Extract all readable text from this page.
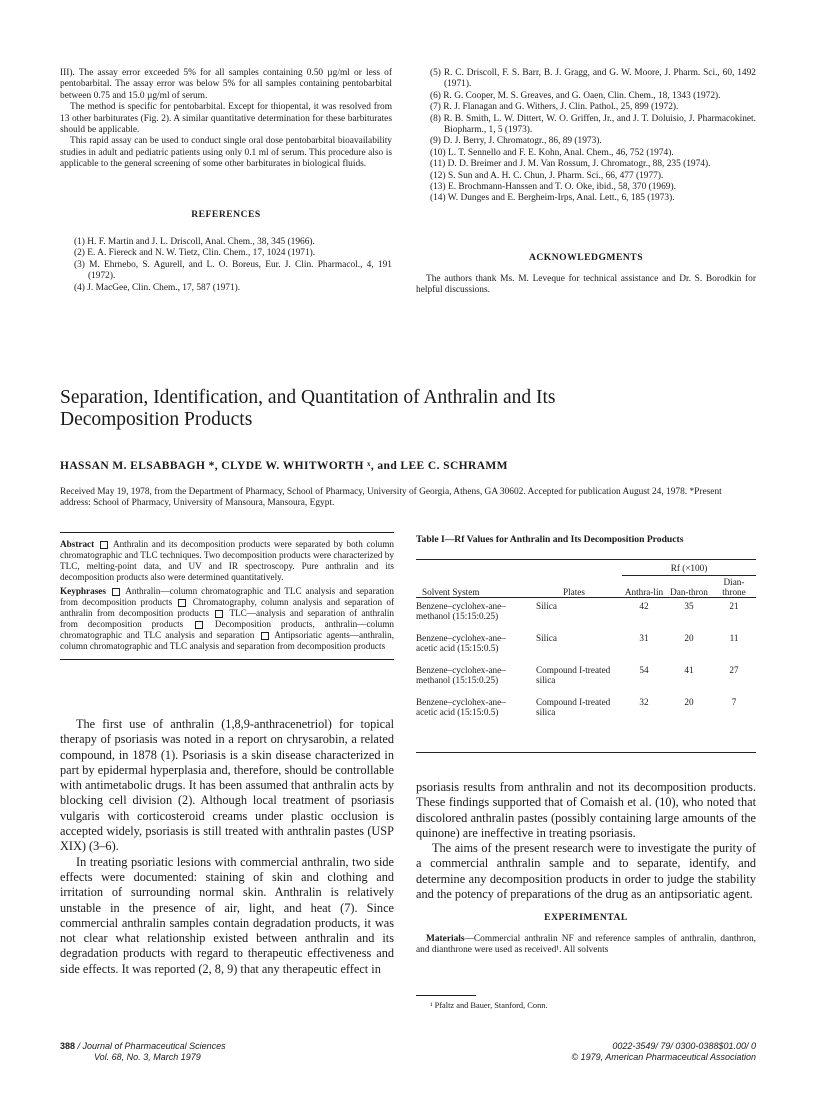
III). The assay error exceeded 5% for all samples containing 0.50 µg/ml or less of pentobarbital. The assay error was below 5% for all samples containing pentobarbital between 0.75 and 15.0 µg/ml of serum.

The method is specific for pentobarbital. Except for thiopental, it was resolved from 13 other barbiturates (Fig. 2). A similar quantitative determination for these barbiturates should be applicable.

This rapid assay can be used to conduct single oral dose pentobarbital bioavailability studies in adult and pediatric patients using only 0.1 ml of serum. This procedure also is applicable to the general screening of some other barbiturates in biological fluids.

REFERENCES

(1) H. F. Martin and J. L. Driscoll, Anal. Chem., 38, 345 (1966).

(2) E. A. Fiereck and N. W. Tietz, Clin. Chem., 17, 1024 (1971).

(3) M. Ehrnebo, S. Agurell, and L. O. Boreus, Eur. J. Clin. Pharmacol., 4, 191 (1972).

(4) J. MacGee, Clin. Chem., 17, 587 (1971).

(5) R. C. Driscoll, F. S. Barr, B. J. Gragg, and G. W. Moore, J. Pharm. Sci., 60, 1492 (1971).

(6) R. G. Cooper, M. S. Greaves, and G. Oaen, Clin. Chem., 18, 1343 (1972).

(7) R. J. Flanagan and G. Withers, J. Clin. Pathol., 25, 899 (1972).

(8) R. B. Smith, L. W. Dittert, W. O. Griffen, Jr., and J. T. Doluisio, J. Pharmacokinet. Biopharm., 1, 5 (1973).

(9) D. J. Berry, J. Chromatogr., 86, 89 (1973).

(10) L. T. Sennello and F. E. Kohn, Anal. Chem., 46, 752 (1974).

(11) D. D. Breimer and J. M. Van Rossum, J. Chromatogr., 88, 235 (1974).

(12) S. Sun and A. H. C. Chun, J. Pharm. Sci., 66, 477 (1977).

(13) E. Brochmann-Hanssen and T. O. Oke, ibid., 58, 370 (1969).

(14) W. Dunges and E. Bergheim-Irps, Anal. Lett., 6, 185 (1973).

ACKNOWLEDGMENTS

The authors thank Ms. M. Leveque for technical assistance and Dr. S. Borodkin for helpful discussions.

Separation, Identification, and Quantitation of Anthralin and Its Decomposition Products
HASSAN M. ELSABBAGH *, CLYDE W. WHITWORTH ˣ, and LEE C. SCHRAMM
Received May 19, 1978, from the Department of Pharmacy, School of Pharmacy, University of Georgia, Athens, GA 30602. Accepted for publication August 24, 1978. *Present address: School of Pharmacy, University of Mansoura, Mansoura, Egypt.

Abstract Anthralin and its decomposition products were separated by both column chromatographic and TLC techniques. Two decomposition products were characterized by TLC, melting-point data, and UV and IR spectroscopy. Pure anthralin and its decomposition products also were determined quantitatively.

Keyphrases Anthralin—column chromatographic and TLC analysis and separation from decomposition products Chromatography, column analysis and separation of anthralin from decomposition products TLC—analysis and separation of anthralin from decomposition products	Decomposition products, anthralin—column chromatographic and TLC analysis and separation Antipsoriatic agents—anthralin, column chromatographic and TLC analysis and separation from decomposition products

The first use of anthralin (1,8,9-anthracenetriol) for topical therapy of psoriasis was noted in a report on chrysarobin, a related compound, in 1878 (1). Psoriasis is a skin disease characterized in part by epidermal hyperplasia and, therefore, should be controllable with antimetabolic drugs. It has been assumed that anthralin acts by blocking cell division (2). Although local treatment of psoriasis vulgaris with corticosteroid creams under plastic occlusion is accepted widely, psoriasis is still treated with anthralin pastes (USP XIX) (3–6).

In treating psoriatic lesions with commercial anthralin, two side effects were documented: staining of skin and clothing and irritation of surrounding normal skin. Anthralin is relatively unstable in the presence of air, light, and heat (7). Since commercial anthralin samples contain degradation products, it was not clear what relationship existed between anthralin and its degradation products with regard to therapeutic effectiveness and side effects. It was reported (2, 8, 9) that any therapeutic effect in

Table I—Rf Values for Anthralin and Its Decomposition Products
Rf (×100)
Solvent System	Plates	Anthra-lin	Dan-thron	Dian-throne

Benzene–cyclohex-ane–methanol (15:15:0.25)	Silica	42	35	21
Benzene–cyclohex-ane–acetic acid (15:15:0.5)	Silica	31	20	11
Benzene–cyclohex-ane–methanol (15:15:0.25)	Compound I-treated silica	54	41	27
Benzene–cyclohex-ane–acetic acid (15:15:0.5)	Compound I-treated silica	32	20	7

psoriasis results from anthralin and not its decomposition products. These findings supported that of Comaish et al. (10), who noted that discolored anthralin pastes (possibly containing large amounts of the quinone) are ineffective in treating psoriasis.

The aims of the present research were to investigate the purity of a commercial anthralin sample and to separate, identify, and determine any decomposition products in order to judge the stability and the potency of preparations of the drug as an antipsoriatic agent.

EXPERIMENTAL

Materials—Commercial anthralin NF and reference samples of anthralin, danthron, and dianthrone were used as received¹. All solvents

¹ Pfaltz and Bauer, Stanford, Conn.
388 / Journal of Pharmaceutical Sciences
Vol. 68, No. 3, March 1979
0022-3549/ 79/ 0300-0388$01.00/ 0
© 1979, American Pharmaceutical Association
